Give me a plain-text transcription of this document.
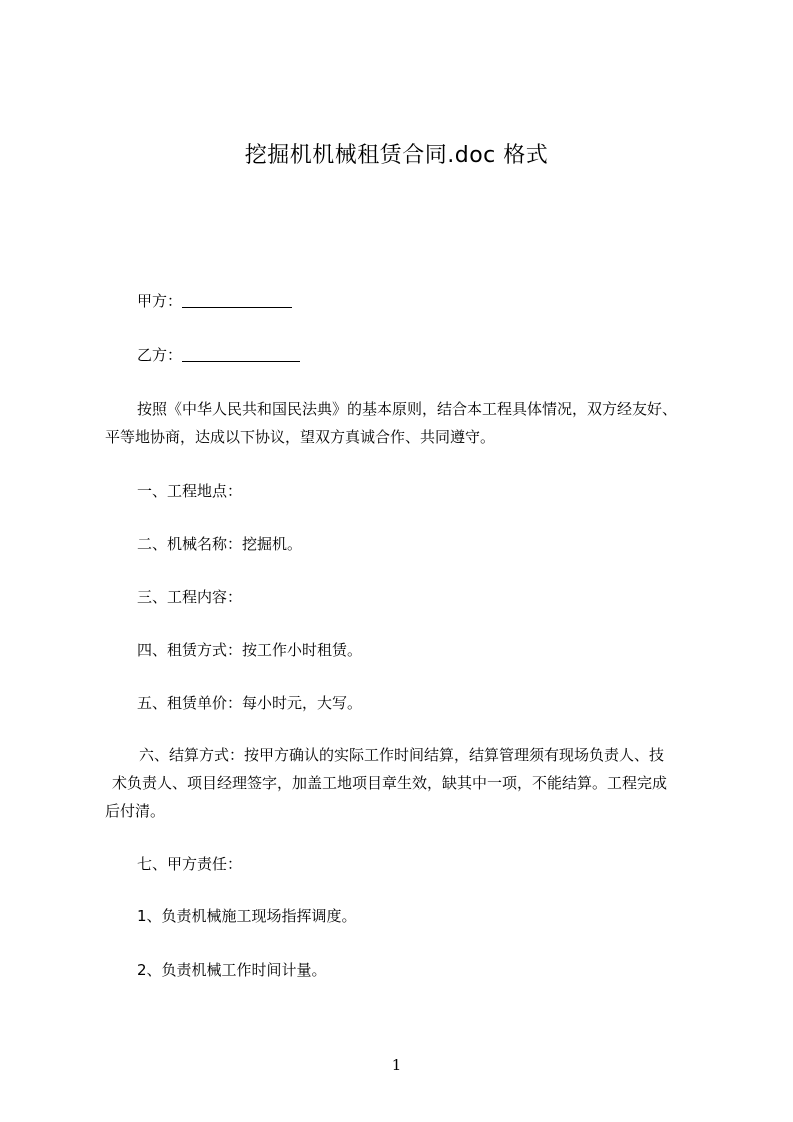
挖掘机机械租赁合同.doc 格式
甲方：
乙方：
按照《中华人民共和国民法典》的基本原则，结合本工程具体情况，双方经友好、
平等地协商，达成以下协议，望双方真诚合作、共同遵守。
一、工程地点：
二、机械名称：挖掘机。
三、工程内容：
四、租赁方式：按工作小时租赁。
五、租赁单价：每小时元，大写。
六、结算方式：按甲方确认的实际工作时间结算，结算管理须有现场负责人、技
术负责人、项目经理签字，加盖工地项目章生效，缺其中一项，不能结算。工程完成
后付清。
七、甲方责任：
1、负责机械施工现场指挥调度。
2、负责机械工作时间计量。
1
